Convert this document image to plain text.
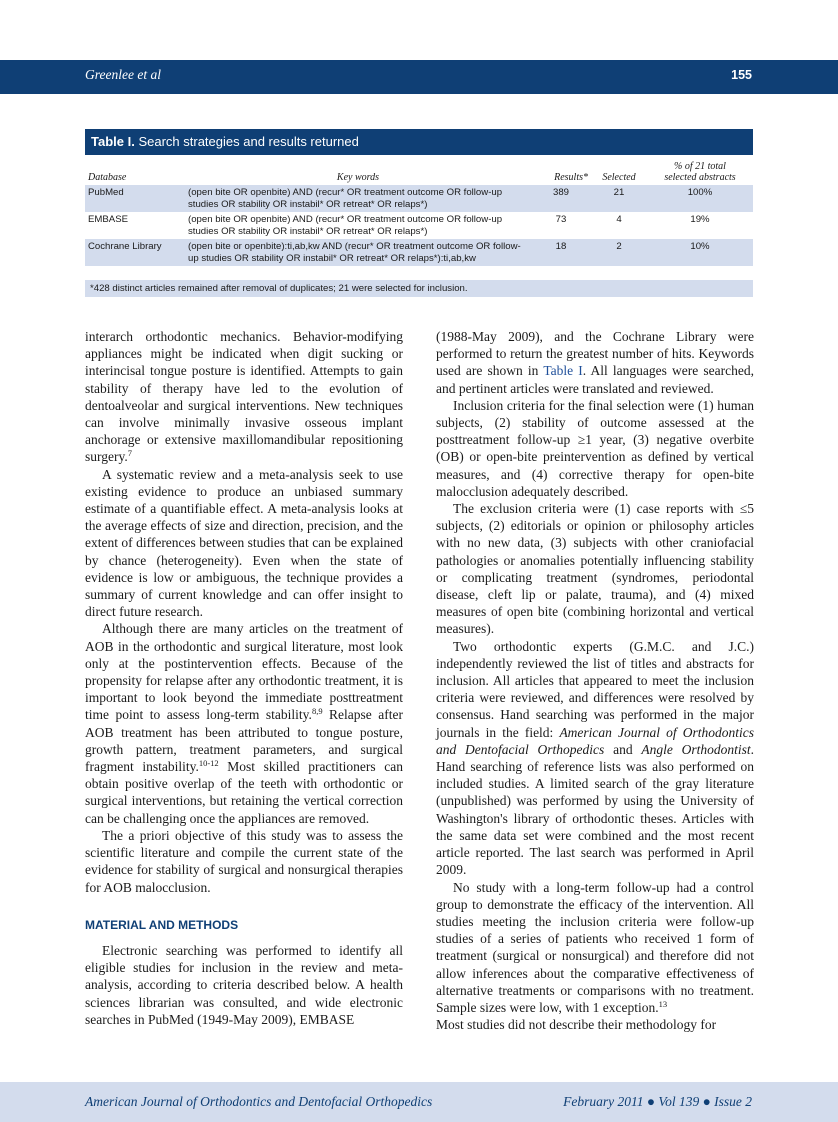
Greenlee et al	155
Table I. Search strategies and results returned
Database	Key words	Results*	Selected	% of 21 total
selected abstracts
PubMed	(open bite OR openbite) AND (recur* OR treatment outcome OR follow-up studies OR stability OR instabil* OR retreat* OR relaps*)	389	21	100%
EMBASE	(open bite OR openbite) AND (recur* OR treatment outcome OR follow-up studies OR stability OR instabil* OR retreat* OR relaps*)	73	4	19%
Cochrane Library	(open bite or openbite):ti,ab,kw AND (recur* OR treatment outcome OR follow-up studies OR stability OR instabil* OR retreat* OR relaps*):ti,ab,kw	18	2	10%
*428 distinct articles remained after removal of duplicates; 21 were selected for inclusion.

interarch orthodontic mechanics. Behavior-modifying appliances might be indicated when digit sucking or interincisal tongue posture is identified. Attempts to gain stability of therapy have led to the evolution of dentoalveolar and surgical interventions. New techniques can involve minimally invasive osseous implant anchorage or extensive maxillomandibular repositioning surgery.$^7$

A systematic review and a meta-analysis seek to use existing evidence to produce an unbiased summary estimate of a quantifiable effect. A meta-analysis looks at the average effects of size and direction, precision, and the extent of differences between studies that can be explained by chance (heterogeneity). Even when the state of evidence is low or ambiguous, the technique provides a summary of current knowledge and can offer insight to direct future research.

Although there are many articles on the treatment of AOB in the orthodontic and surgical literature, most look only at the postintervention effects. Because of the propensity for relapse after any orthodontic treatment, it is important to look beyond the immediate posttreatment time point to assess long-term stability.$^{8,9}$ Relapse after AOB treatment has been attributed to tongue posture, growth pattern, treatment parameters, and surgical fragment instability.$^{10-12}$ Most skilled practitioners can obtain positive overlap of the teeth with orthodontic or surgical interventions, but retaining the vertical correction can be challenging once the appliances are removed.

The a priori objective of this study was to assess the scientific literature and compile the current state of the evidence for stability of surgical and nonsurgical therapies for AOB malocclusion.

MATERIAL AND METHODS

Electronic searching was performed to identify all eligible studies for inclusion in the review and meta-analysis, according to criteria described below. A health sciences librarian was consulted, and wide electronic searches in PubMed (1949-May 2009), EMBASE

(1988-May 2009), and the Cochrane Library were performed to return the greatest number of hits. Keywords used are shown in Table I. All languages were searched, and pertinent articles were translated and reviewed.

Inclusion criteria for the final selection were (1) human subjects, (2) stability of outcome assessed at the posttreatment follow-up ≥1 year, (3) negative overbite (OB) or open-bite preintervention as defined by vertical measures, and (4) corrective therapy for open-bite malocclusion adequately described.

The exclusion criteria were (1) case reports with ≤5 subjects, (2) editorials or opinion or philosophy articles with no new data, (3) subjects with other craniofacial pathologies or anomalies potentially influencing stability or complicating treatment (syndromes, periodontal disease, cleft lip or palate, trauma), and (4) mixed measures of open bite (combining horizontal and vertical measures).

Two orthodontic experts (G.M.C. and J.C.) independently reviewed the list of titles and abstracts for inclusion. All articles that appeared to meet the inclusion criteria were reviewed, and differences were resolved by consensus. Hand searching was performed in the major journals in the field: American Journal of Orthodontics and Dentofacial Orthopedics and Angle Orthodontist. Hand searching of reference lists was also performed on included studies. A limited search of the gray literature (unpublished) was performed by using the University of Washington's library of orthodontic theses. Articles with the same data set were combined and the most recent article reported. The last search was performed in April 2009.

No study with a long-term follow-up had a control group to demonstrate the efficacy of the intervention. All studies meeting the inclusion criteria were follow-up studies of a series of patients who received 1 form of treatment (surgical or nonsurgical) and therefore did not allow inferences about the comparative effectiveness of alternative treatments or comparisons with no treatment. Sample sizes were low, with 1 exception.$^{13}$

Most studies did not describe their methodology for

American Journal of Orthodontics and Dentofacial Orthopedics	February 2011 ● Vol 139 ● Issue 2
